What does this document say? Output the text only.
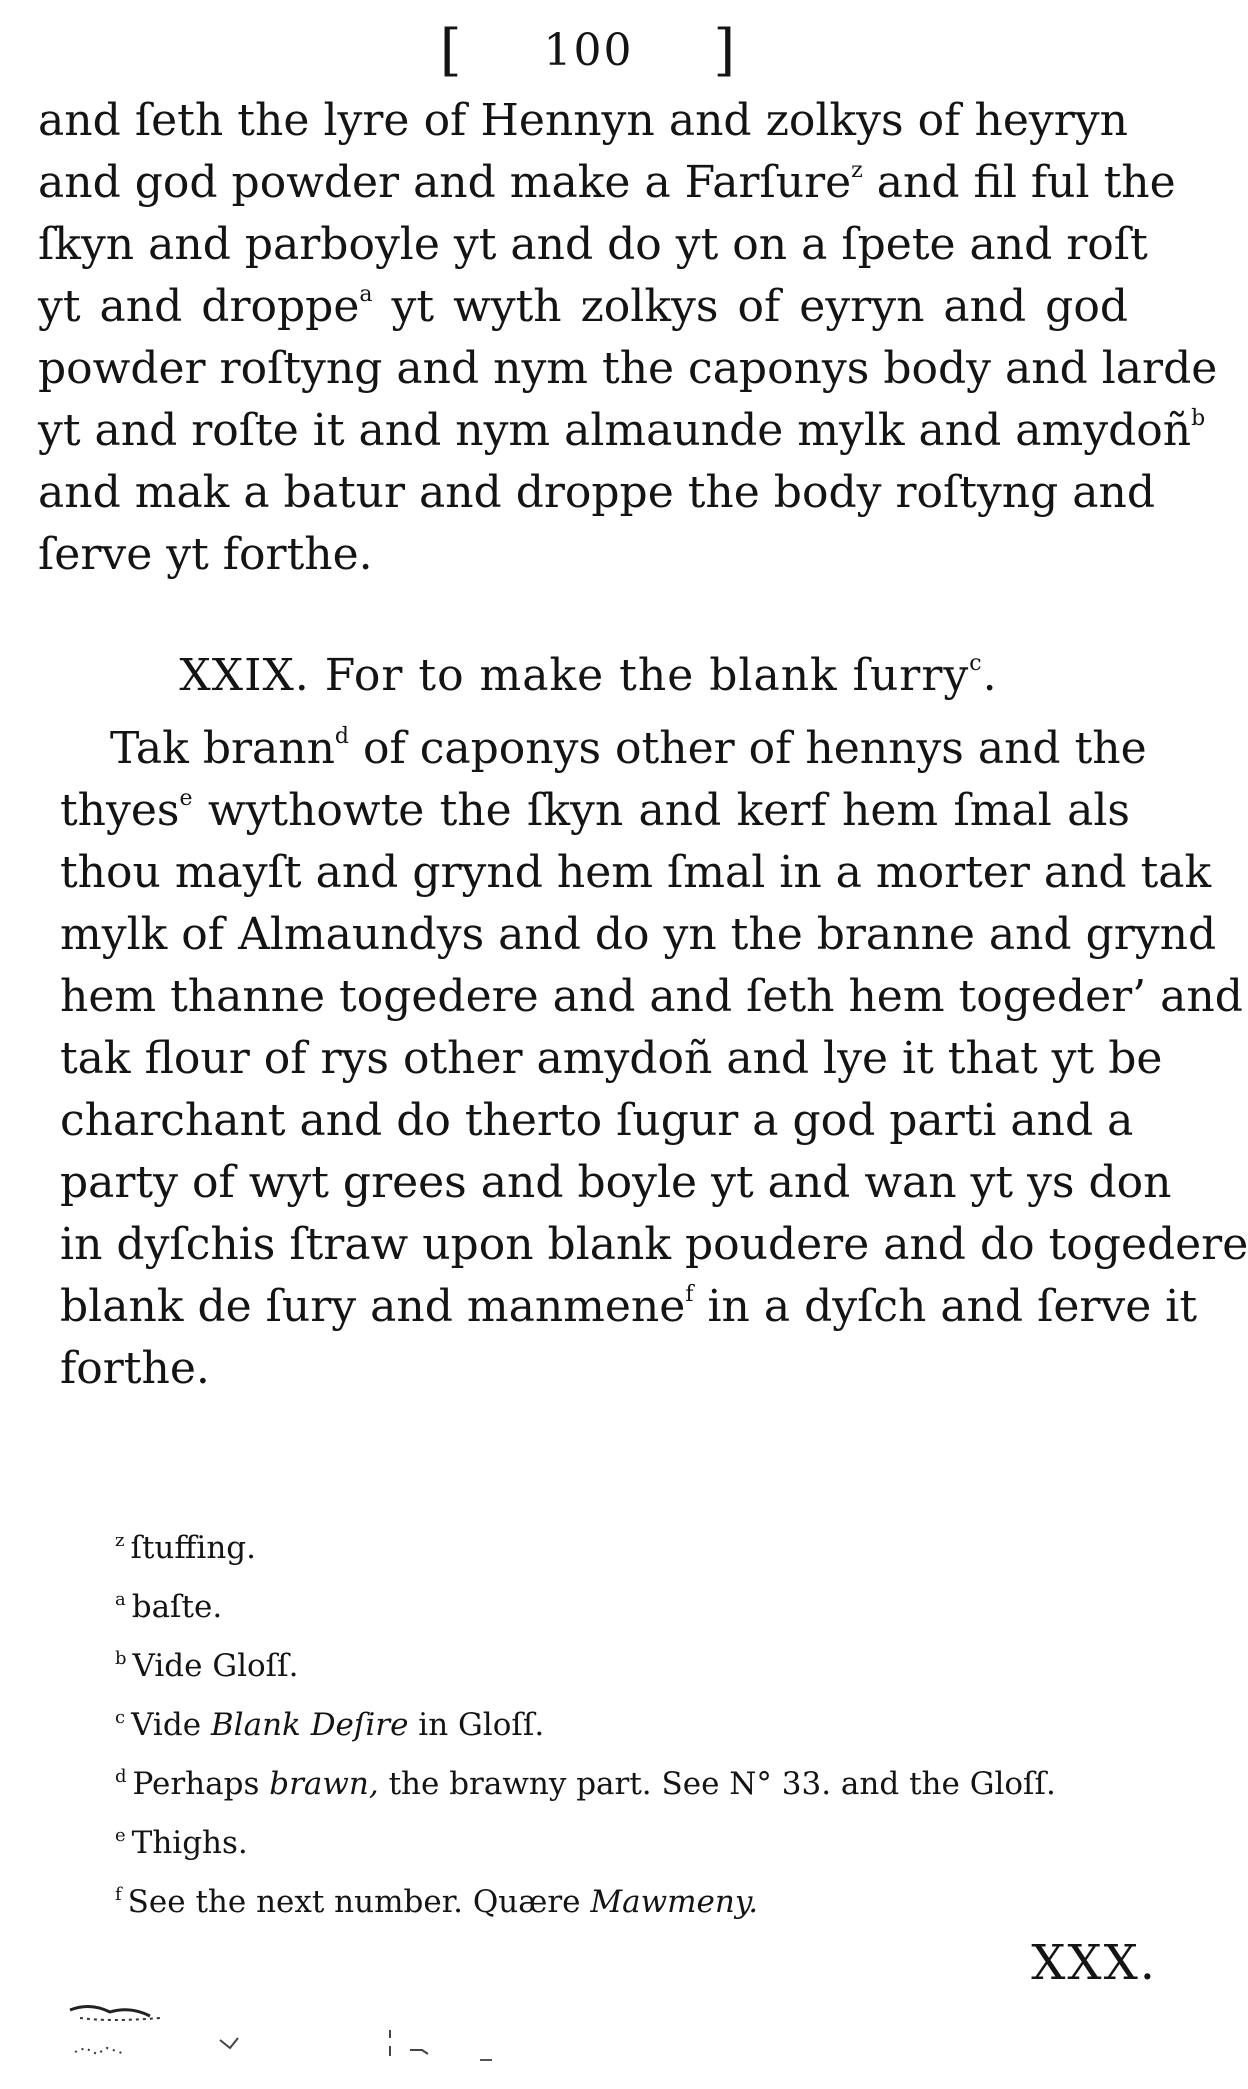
[ 100 ]
and ſeth the lyre of Hennyn and zolkys of heyryn
and god powder and make a Farſure$^z$ and fil ful the
ſkyn and parboyle yt and do yt on a ſpete and roſt
yt and droppe$^a$ yt wyth zolkys of eyryn and god
powder roſtyng and nym the caponys body and larde
yt and roſte it and nym almaunde mylk and amydoñ$^b$
and mak a batur and droppe the body roſtyng and
ſerve yt forthe.
XXIX. For to make the blank ſurry$^c$.
Tak brann$^d$ of caponys other of hennys and the
thyes$^e$ wythowte the ſkyn and kerf hem ſmal als
thou mayſt and grynd hem ſmal in a morter and tak
mylk of Almaundys and do yn the branne and grynd
hem thanne togedere and and ſeth hem togeder’ and
tak flour of rys other amydoñ and lye it that yt be
charchant and do therto ſugur a god parti and a
party of wyt grees and boyle yt and wan yt ys don
in dyſchis ſtraw upon blank poudere and do togedere
blank de ſury and manmene$^f$ in a dyſch and ſerve it
forthe.
$^z$ ſtuffing.
$^a$ baſte.
$^b$ Vide Gloſſ.
$^c$ Vide Blank Deſire in Gloſſ.
$^d$ Perhaps brawn, the brawny part. See N° 33. and the Gloſſ.
$^e$ Thighs.
$^f$ See the next number. Quære Mawmeny.
XXX.
